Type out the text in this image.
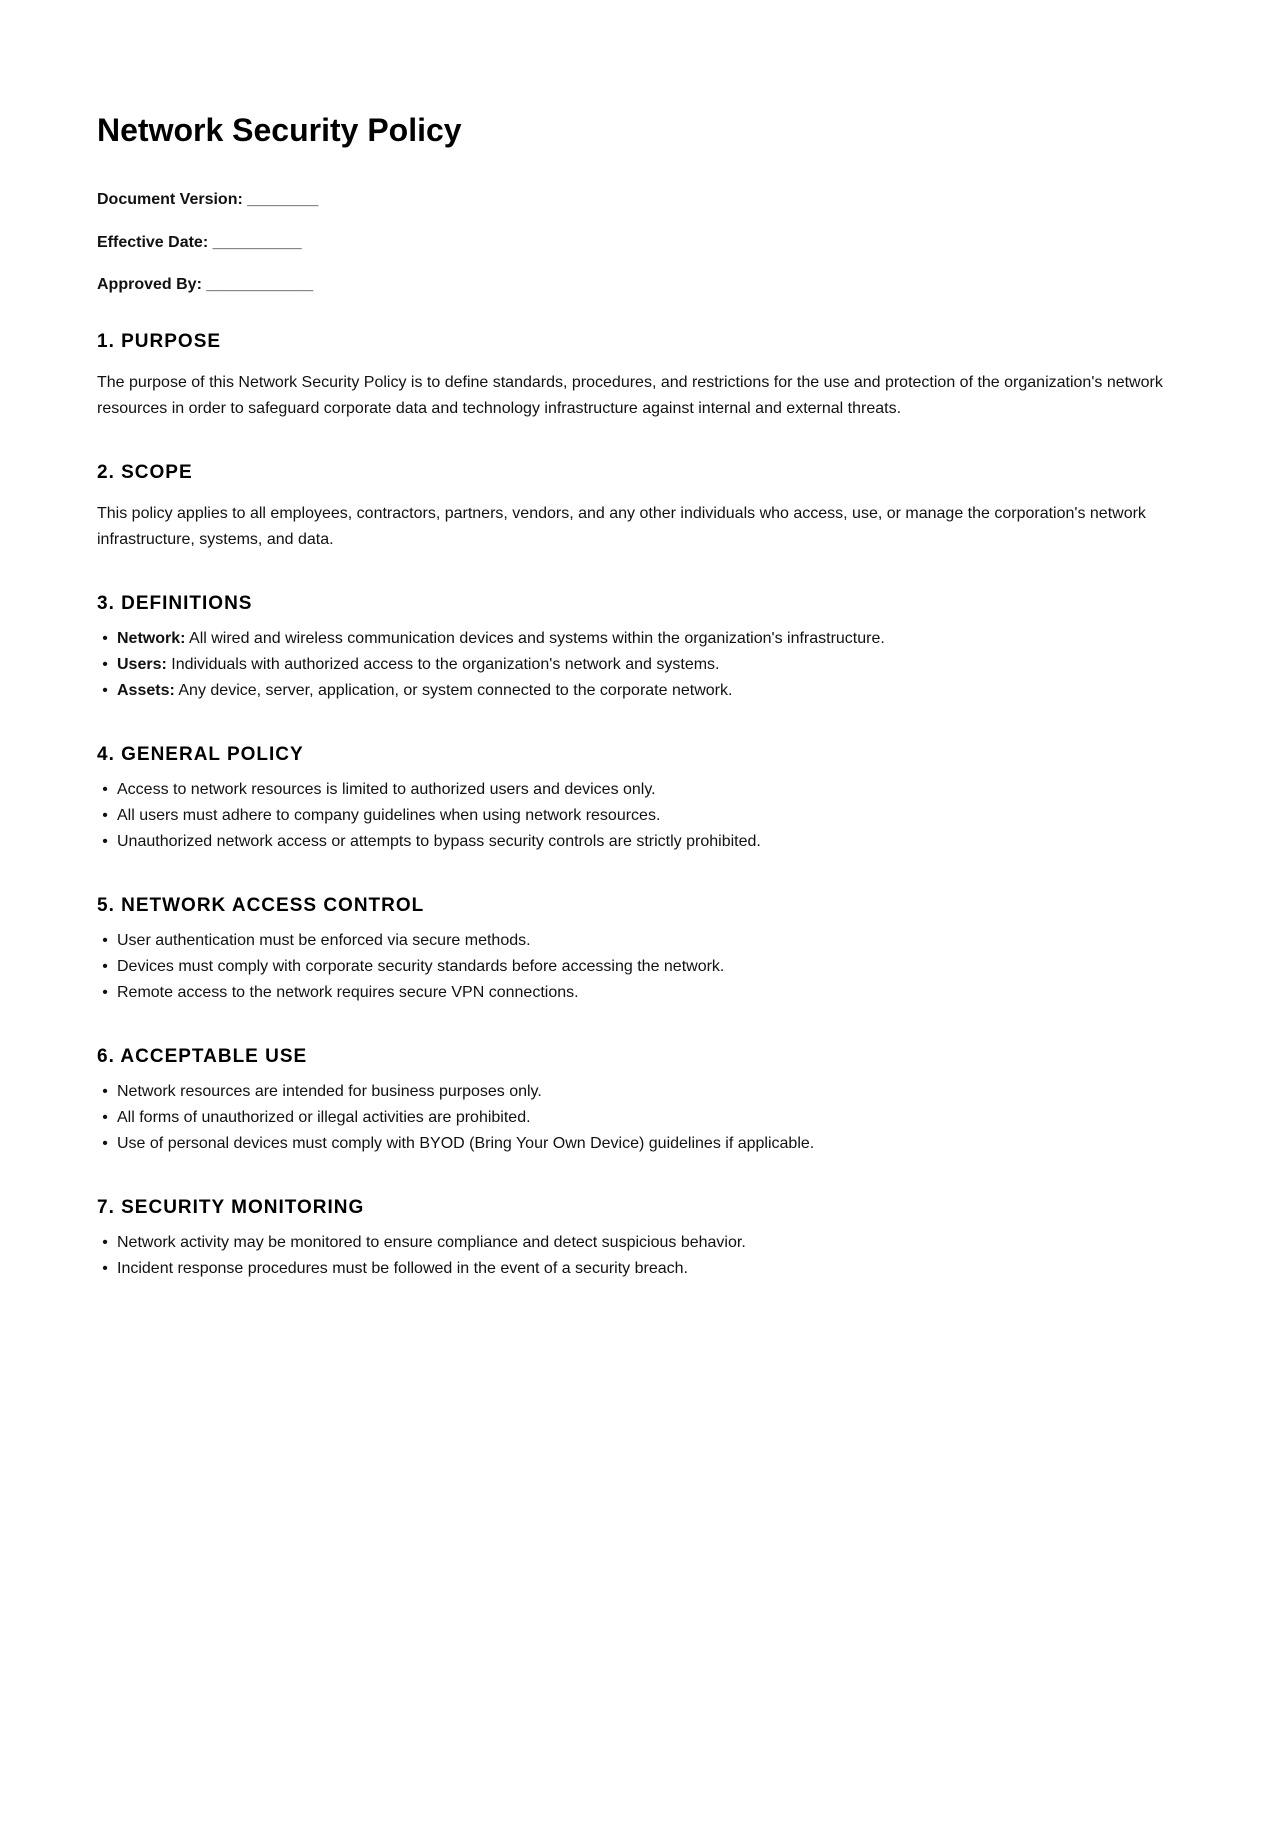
Network Security Policy

Document Version: ________

Effective Date: __________

Approved By: ____________

1. PURPOSE

The purpose of this Network Security Policy is to define standards, procedures, and restrictions for the use and protection of the organization's network resources in order to safeguard corporate data and technology infrastructure against internal and external threats.

2. SCOPE

This policy applies to all employees, contractors, partners, vendors, and any other individuals who access, use, or manage the corporation's network infrastructure, systems, and data.

3. DEFINITIONS
• Network: All wired and wireless communication devices and systems within the organization's infrastructure.
• Users: Individuals with authorized access to the organization's network and systems.
• Assets: Any device, server, application, or system connected to the corporate network.
4. GENERAL POLICY
• Access to network resources is limited to authorized users and devices only.
• All users must adhere to company guidelines when using network resources.
• Unauthorized network access or attempts to bypass security controls are strictly prohibited.
5. NETWORK ACCESS CONTROL
• User authentication must be enforced via secure methods.
• Devices must comply with corporate security standards before accessing the network.
• Remote access to the network requires secure VPN connections.
6. ACCEPTABLE USE
• Network resources are intended for business purposes only.
• All forms of unauthorized or illegal activities are prohibited.
• Use of personal devices must comply with BYOD (Bring Your Own Device) guidelines if applicable.
7. SECURITY MONITORING
• Network activity may be monitored to ensure compliance and detect suspicious behavior.
• Incident response procedures must be followed in the event of a security breach.
